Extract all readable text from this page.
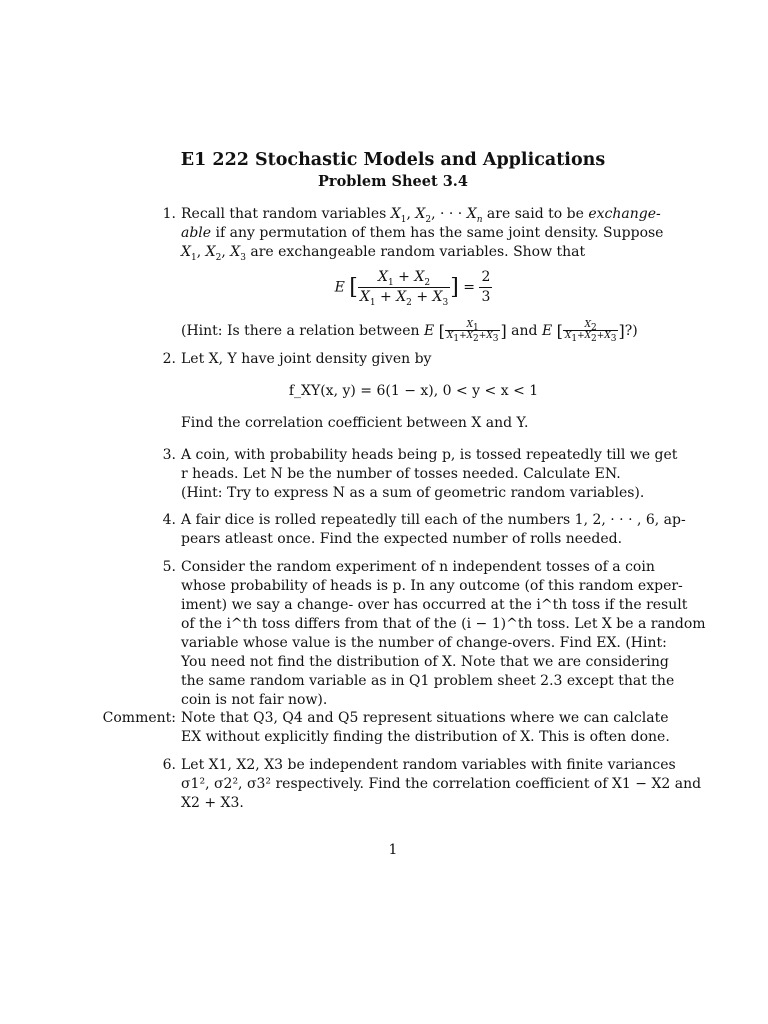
E1 222 Stochastic Models and Applications
Problem Sheet 3.4
1. Recall that random variables $X_1$, $X_2$, · · · $X_n$ are said to be exchange-
able if any permutation of them has the same joint density. Suppose
$X_1$, $X_2$, $X_3$ are exchangeable random variables. Show that
E [ $\frac{X_1 + X_2}{X_1 + X_2 + X_3}$ ] = $\frac{2}{3}$
(Hint: Is there a relation between E [ $\frac{X_1}{X_1+X_2+X_3}$ ] and E [ $\frac{X_2}{X_1+X_2+X_3}$ ]?)
2. Let X, Y have joint density given by
f_XY(x, y) = 6(1 − x), 0 < y < x < 1
Find the correlation coefficient between X and Y.
3. A coin, with probability heads being p, is tossed repeatedly till we get
r heads. Let N be the number of tosses needed. Calculate EN.
(Hint: Try to express N as a sum of geometric random variables).
4. A fair dice is rolled repeatedly till each of the numbers 1, 2, · · · , 6, ap-
pears atleast once. Find the expected number of rolls needed.
5. Consider the random experiment of n independent tosses of a coin
whose probability of heads is p. In any outcome (of this random exper-
iment) we say a change- over has occurred at the i^th toss if the result
of the i^th toss differs from that of the (i − 1)^th toss. Let X be a random
variable whose value is the number of change-overs. Find EX. (Hint:
You need not find the distribution of X. Note that we are considering
the same random variable as in Q1 problem sheet 2.3 except that the
coin is not fair now).
Comment: Note that Q3, Q4 and Q5 represent situations where we can calclate
EX without explicitly finding the distribution of X. This is often done.
6. Let X1, X2, X3 be independent random variables with finite variances
σ1², σ2², σ3² respectively. Find the correlation coefficient of X1 − X2 and
X2 + X3.
1
